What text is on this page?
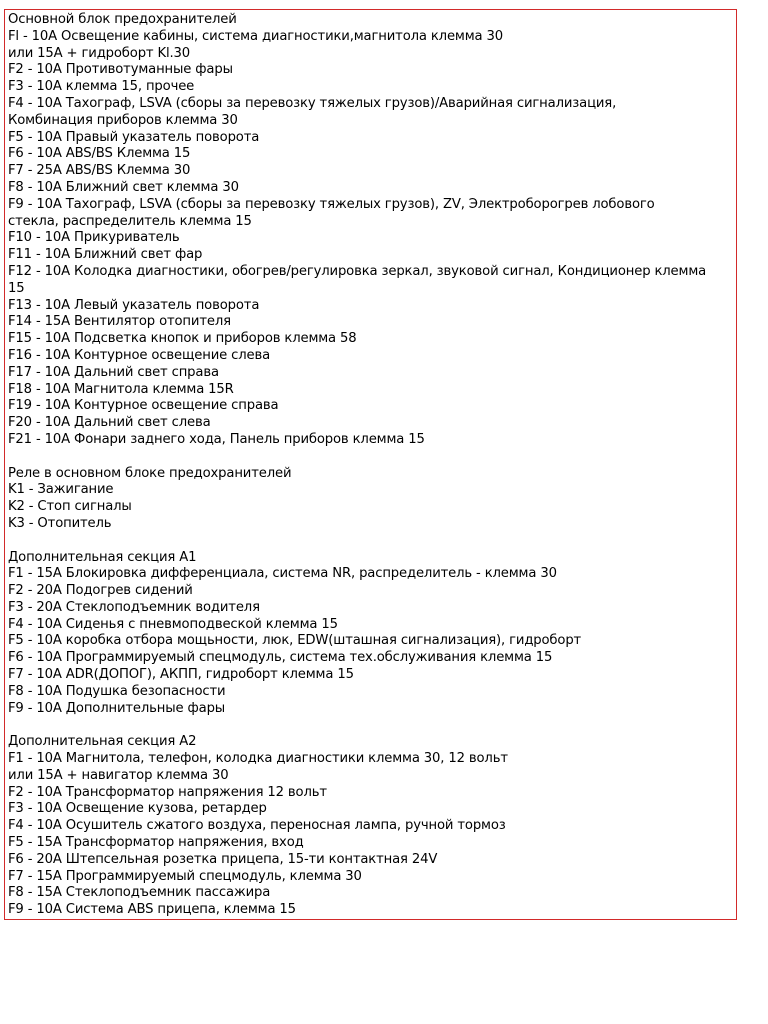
Основной блок предохранителей
Fl - 10A Освещение кабины, система диагностики,магнитола клемма 30
или 15A + гидроборт Kl.30
F2 - 10A Противотуманные фары
F3 - 10A клемма 15, прочее
F4 - 10A Тахограф, LSVA (сборы за перевозку тяжелых грузов)/Аварийная сигнализация,
Комбинация приборов клемма 30
F5 - 10A Правый указатель поворота
F6 - 10A ABS/BS Клемма 15
F7 - 25A ABS/BS Клемма 30
F8 - 10A Ближний свет клемма 30
F9 - 10A Тахограф, LSVA (сборы за перевозку тяжелых грузов), ZV, Электроборогрев лобового
стекла, распределитель клемма 15
F10 - 10A Прикуриватель
F11 - 10A Ближний свет фар
F12 - 10A Колодка диагностики, обогрев/регулировка зеркал, звуковой сигнал, Кондиционер клемма
15
F13 - 10A Левый указатель поворота
F14 - 15A Вентилятор отопителя
F15 - 10A Подсветка кнопок и приборов клемма 58
F16 - 10A Контурное освещение слева
F17 - 10A Дальний свет справа
F18 - 10A Магнитола клемма 15R
F19 - 10A Контурное освещение справа
F20 - 10A Дальний свет слева
F21 - 10A Фонари заднего хода, Панель приборов клемма 15
Реле в основном блоке предохранителей
K1 - Зажигание
K2 - Стоп сигналы
K3 - Отопитель
Дополнительная секция A1
F1 - 15A Блокировка дифференциала, система NR, распределитель - клемма 30
F2 - 20A Подогрев сидений
F3 - 20A Стеклоподъемник водителя
F4 - 10A Сиденья с пневмоподвеской клемма 15
F5 - 10A коробка отбора мощьности, люк, EDW(шташная сигнализация), гидроборт
F6 - 10A Программируемый спецмодуль, система тех.обслуживания клемма 15
F7 - 10A ADR(ДОПОГ), АКПП, гидроборт клемма 15
F8 - 10A Подушка безопасности
F9 - 10A Дополнительные фары
Дополнительная секция A2
F1 - 10A Магнитола, телефон, колодка диагностики клемма 30, 12 вольт
или 15A + навигатор клемма 30
F2 - 10A Трансформатор напряжения 12 вольт
F3 - 10A Освещение кузова, ретардер
F4 - 10A Осушитель сжатого воздуха, переносная лампа, ручной тормоз
F5 - 15A Трансформатор напряжения, вход
F6 - 20A Штепсельная розетка прицепа, 15-ти контактная 24V
F7 - 15A Программируемый спецмодуль, клемма 30
F8 - 15A Стеклоподъемник пассажира
F9 - 10A Система ABS прицепа, клемма 15
